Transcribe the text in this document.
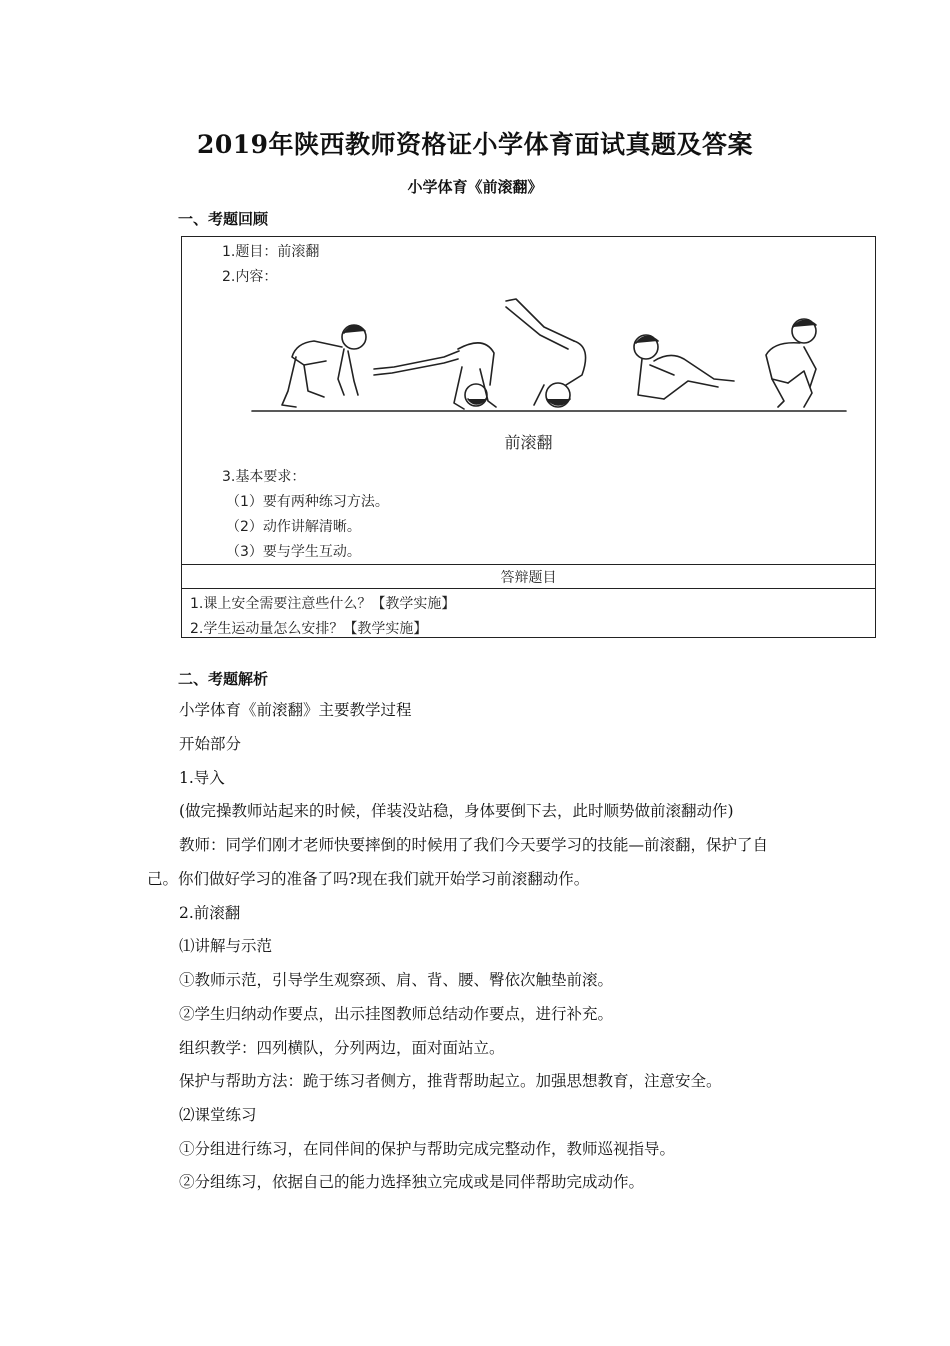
2019年陕西教师资格证小学体育面试真题及答案
小学体育《前滚翻》
一、考题回顾
1.题目：前滚翻
2.内容：
前滚翻
3.基本要求：
（1）要有两种练习方法。
（2）动作讲解清晰。
（3）要与学生互动。
答辩题目
1.课上安全需要注意些什么？【教学实施】
2.学生运动量怎么安排？【教学实施】
二、考题解析
小学体育《前滚翻》主要教学过程
开始部分
1.导入
(做完操教师站起来的时候，佯装没站稳，身体要倒下去，此时顺势做前滚翻动作)
教师：同学们刚才老师快要摔倒的时候用了我们今天要学习的技能—前滚翻，保护了自
己。你们做好学习的准备了吗?现在我们就开始学习前滚翻动作。
2.前滚翻
⑴讲解与示范
①教师示范，引导学生观察颈、肩、背、腰、臀依次触垫前滚。
②学生归纳动作要点，出示挂图教师总结动作要点，进行补充。
组织教学：四列横队，分列两边，面对面站立。
保护与帮助方法：跪于练习者侧方，推背帮助起立。加强思想教育，注意安全。
⑵课堂练习
①分组进行练习，在同伴间的保护与帮助完成完整动作，教师巡视指导。
②分组练习，依据自己的能力选择独立完成或是同伴帮助完成动作。
